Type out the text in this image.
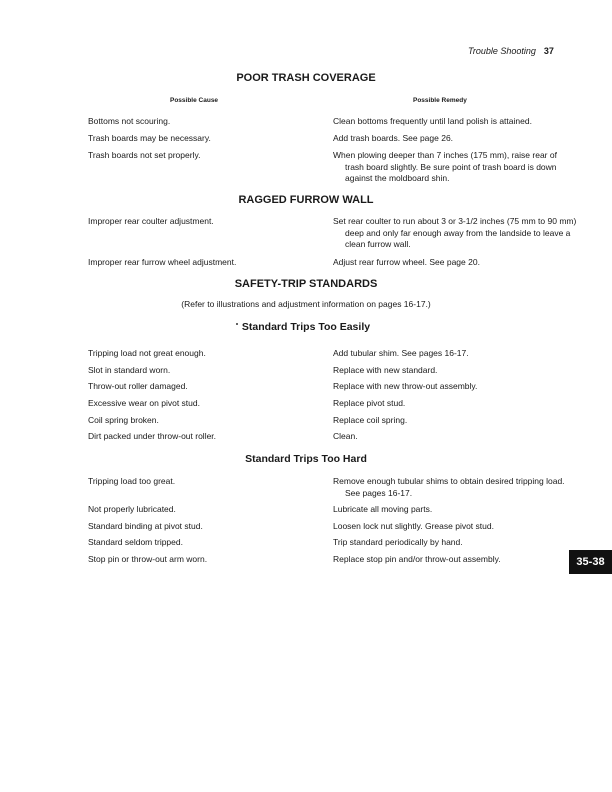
Trouble Shooting 37
POOR TRASH COVERAGE
Possible Cause	Possible Remedy
Bottoms not scouring.	Clean bottoms frequently until land polish is attained.
Trash boards may be necessary.	Add trash boards. See page 26.
Trash boards not set properly.	When plowing deeper than 7 inches (175 mm), raise rear of trash board slightly. Be sure point of trash board is down against the moldboard shin.
RAGGED FURROW WALL
Improper rear coulter adjustment.	Set rear coulter to run about 3 or 3-1/2 inches (75 mm to 90 mm) deep and only far enough away from the landside to leave a clean furrow wall.
Improper rear furrow wheel adjustment.	Adjust rear furrow wheel. See page 20.
SAFETY-TRIP STANDARDS
(Refer to illustrations and adjustment information on pages 16-17.)
Standard Trips Too Easily
Tripping load not great enough.	Add tubular shim. See pages 16-17.
Slot in standard worn.	Replace with new standard.
Throw-out roller damaged.	Replace with new throw-out assembly.
Excessive wear on pivot stud.	Replace pivot stud.
Coil spring broken.	Replace coil spring.
Dirt packed under throw-out roller.	Clean.
Standard Trips Too Hard
Tripping load too great.	Remove enough tubular shims to obtain desired tripping load. See pages 16-17.
Not properly lubricated.	Lubricate all moving parts.
Standard binding at pivot stud.	Loosen lock nut slightly. Grease pivot stud.
Standard seldom tripped.	Trip standard periodically by hand.
Stop pin or throw-out arm worn.	Replace stop pin and/or throw-out assembly.	35-38
